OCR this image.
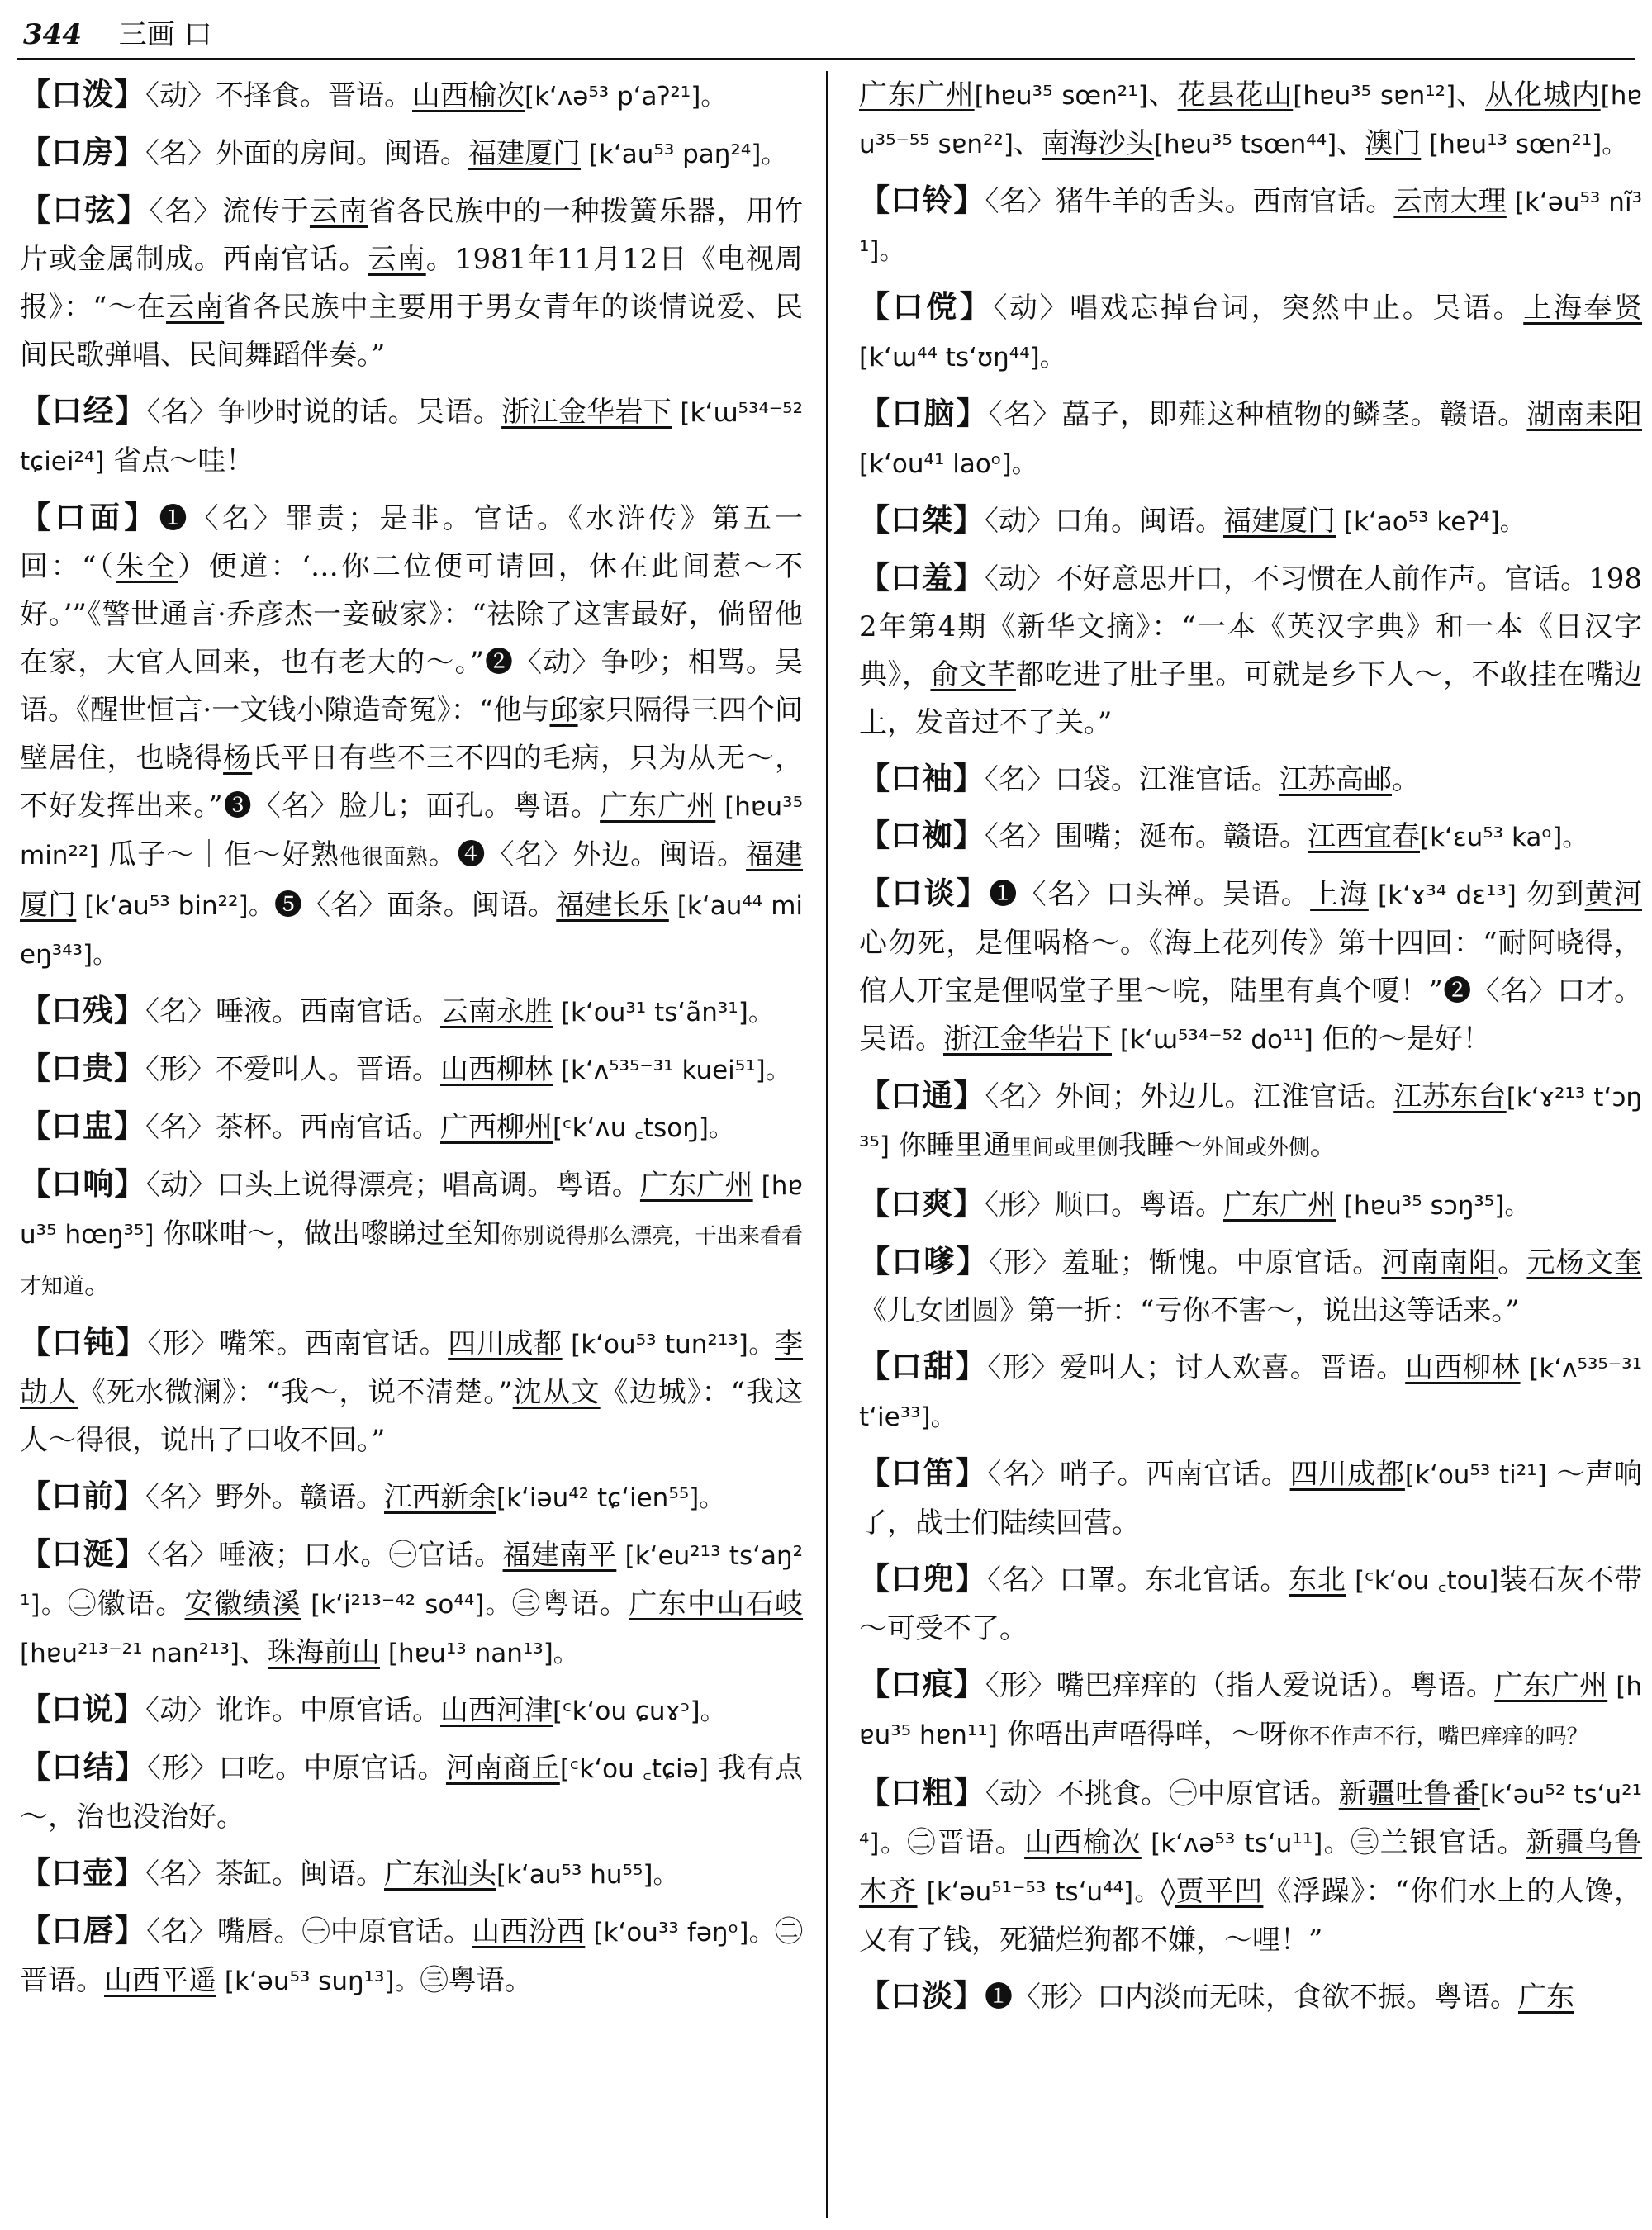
344 三画 口

【口泼】〈动〉不择食。晋语。山西榆次[k‘ʌə⁵³ p‘aʔ²¹]。

【口房】〈名〉外面的房间。闽语。福建厦门 [k‘au⁵³ paŋ²⁴]。

【口弦】〈名〉流传于云南省各民族中的一种拨簧乐器，用竹片或金属制成。西南官话。云南。1981年11月12日《电视周报》：“～在云南省各民族中主要用于男女青年的谈情说爱、民间民歌弹唱、民间舞蹈伴奏。”

【口经】〈名〉争吵时说的话。吴语。浙江金华岩下 [k‘ɯ⁵³⁴⁻⁵² tɕiei²⁴] 省点～哇！

【口面】❶〈名〉罪责；是非。官话。《水浒传》第五一回：“（朱仝）便道：‘…你二位便可请回，休在此间惹～不好。’”《警世通言·乔彦杰一妾破家》：“祛除了这害最好，倘留他在家，大官人回来，也有老大的～。”❷〈动〉争吵；相骂。吴语。《醒世恒言·一文钱小隙造奇冤》：“他与邱家只隔得三四个间壁居住，也晓得杨氏平日有些不三不四的毛病，只为从无～，不好发挥出来。”❸〈名〉脸儿；面孔。粤语。广东广州 [hɐu³⁵ min²²] 瓜子～｜佢～好熟他很面熟。❹〈名〉外边。闽语。福建厦门 [k‘au⁵³ bin²²]。❺〈名〉面条。闽语。福建长乐 [k‘au⁴⁴ mieŋ³⁴³]。

【口残】〈名〉唾液。西南官话。云南永胜 [k‘ou³¹ ts‘ãn³¹]。

【口贵】〈形〉不爱叫人。晋语。山西柳林 [k‘ʌ⁵³⁵⁻³¹ kuei⁵¹]。

【口盅】〈名〉茶杯。西南官话。广西柳州[ᶜk‘ʌu ꜀tsoŋ]。

【口响】〈动〉口头上说得漂亮；唱高调。粤语。广东广州 [hɐu³⁵ hœŋ³⁵] 你咪咁～，做出嚟睇过至知你别说得那么漂亮，干出来看看才知道。

【口钝】〈形〉嘴笨。西南官话。四川成都 [k‘ou⁵³ tun²¹³]。李劼人《死水微澜》：“我～，说不清楚。”沈从文《边城》：“我这人～得很，说出了口收不回。”

【口前】〈名〉野外。赣语。江西新余[k‘iəu⁴² tɕ‘ien⁵⁵]。

【口涎】〈名〉唾液；口水。㊀官话。福建南平 [k‘eu²¹³ ts‘aŋ²¹]。㊁徽语。安徽绩溪 [k‘i²¹³⁻⁴² so⁴⁴]。㊂粤语。广东中山石岐 [hɐu²¹³⁻²¹ nan²¹³]、珠海前山 [hɐu¹³ nan¹³]。

【口说】〈动〉讹诈。中原官话。山西河津[ᶜk‘ou ɕuɤᵓ]。

【口结】〈形〉口吃。中原官话。河南商丘[ᶜk‘ou ꜀tɕiə] 我有点～，治也没治好。

【口壶】〈名〉茶缸。闽语。广东汕头[k‘au⁵³ hu⁵⁵]。

【口唇】〈名〉嘴唇。㊀中原官话。山西汾西 [k‘ou³³ fəŋᵒ]。㊁晋语。山西平遥 [k‘əu⁵³ suŋ¹³]。㊂粤语。

广东广州[hɐu³⁵ sœn²¹]、花县花山[hɐu³⁵ sɐn¹²]、从化城内[hɐu³⁵⁻⁵⁵ sɐn²²]、南海沙头[hɐu³⁵ tsœn⁴⁴]、澳门 [hɐu¹³ sœn²¹]。

【口铃】〈名〉猪牛羊的舌头。西南官话。云南大理 [k‘əu⁵³ nĩ³¹]。

【口傥】〈动〉唱戏忘掉台词，突然中止。吴语。上海奉贤 [k‘ɯ⁴⁴ ts‘ʊŋ⁴⁴]。

【口脑】〈名〉藠子，即薤这种植物的鳞茎。赣语。湖南耒阳 [k‘ou⁴¹ laoᵒ]。

【口桀】〈动〉口角。闽语。福建厦门 [k‘ao⁵³ keʔ⁴]。

【口羞】〈动〉不好意思开口，不习惯在人前作声。官话。1982年第4期《新华文摘》：“一本《英汉字典》和一本《日汉字典》，俞文芊都吃进了肚子里。可就是乡下人～，不敢挂在嘴边上，发音过不了关。”

【口袖】〈名〉口袋。江淮官话。江苏高邮。

【口袽】〈名〉围嘴；涎布。赣语。江西宜春[k‘ɛu⁵³ kaᵒ]。

【口谈】❶〈名〉口头禅。吴语。上海 [k‘ɤ³⁴ dɛ¹³] 勿到黄河心勿死，是俚㖞格～。《海上花列传》第十四回：“耐阿晓得，倌人开宝是俚㖞堂子里～唍，陆里有真个嗄！”❷〈名〉口才。吴语。浙江金华岩下 [k‘ɯ⁵³⁴⁻⁵² do¹¹] 佢的～是好！

【口通】〈名〉外间；外边儿。江淮官话。江苏东台[k‘ɤ²¹³ t‘ɔŋ³⁵] 你睡里通里间或里侧我睡～外间或外侧。

【口爽】〈形〉顺口。粤语。广东广州 [hɐu³⁵ sɔŋ³⁵]。

【口嗲】〈形〉羞耻；惭愧。中原官话。河南南阳。元杨文奎《儿女团圆》第一折：“亏你不害～，说出这等话来。”

【口甜】〈形〉爱叫人；讨人欢喜。晋语。山西柳林 [k‘ʌ⁵³⁵⁻³¹ t‘ie³³]。

【口笛】〈名〉哨子。西南官话。四川成都[k‘ou⁵³ ti²¹] ～声响了，战士们陆续回营。

【口兜】〈名〉口罩。东北官话。东北 [ᶜk‘ou ꜀tou]装石灰不带～可受不了。

【口痕】〈形〉嘴巴痒痒的（指人爱说话）。粤语。广东广州 [hɐu³⁵ hɐn¹¹] 你唔出声唔得咩，～呀你不作声不行，嘴巴痒痒的吗？

【口粗】〈动〉不挑食。㊀中原官话。新疆吐鲁番[k‘əu⁵² ts‘u²¹⁴]。㊁晋语。山西榆次 [k‘ʌə⁵³ ts‘u¹¹]。㊂兰银官话。新疆乌鲁木齐 [k‘əu⁵¹⁻⁵³ ts‘u⁴⁴]。◊贾平凹《浮躁》：“你们水上的人馋，又有了钱，死猫烂狗都不嫌，～哩！”

【口淡】❶〈形〉口内淡而无味，食欲不振。粤语。广东
